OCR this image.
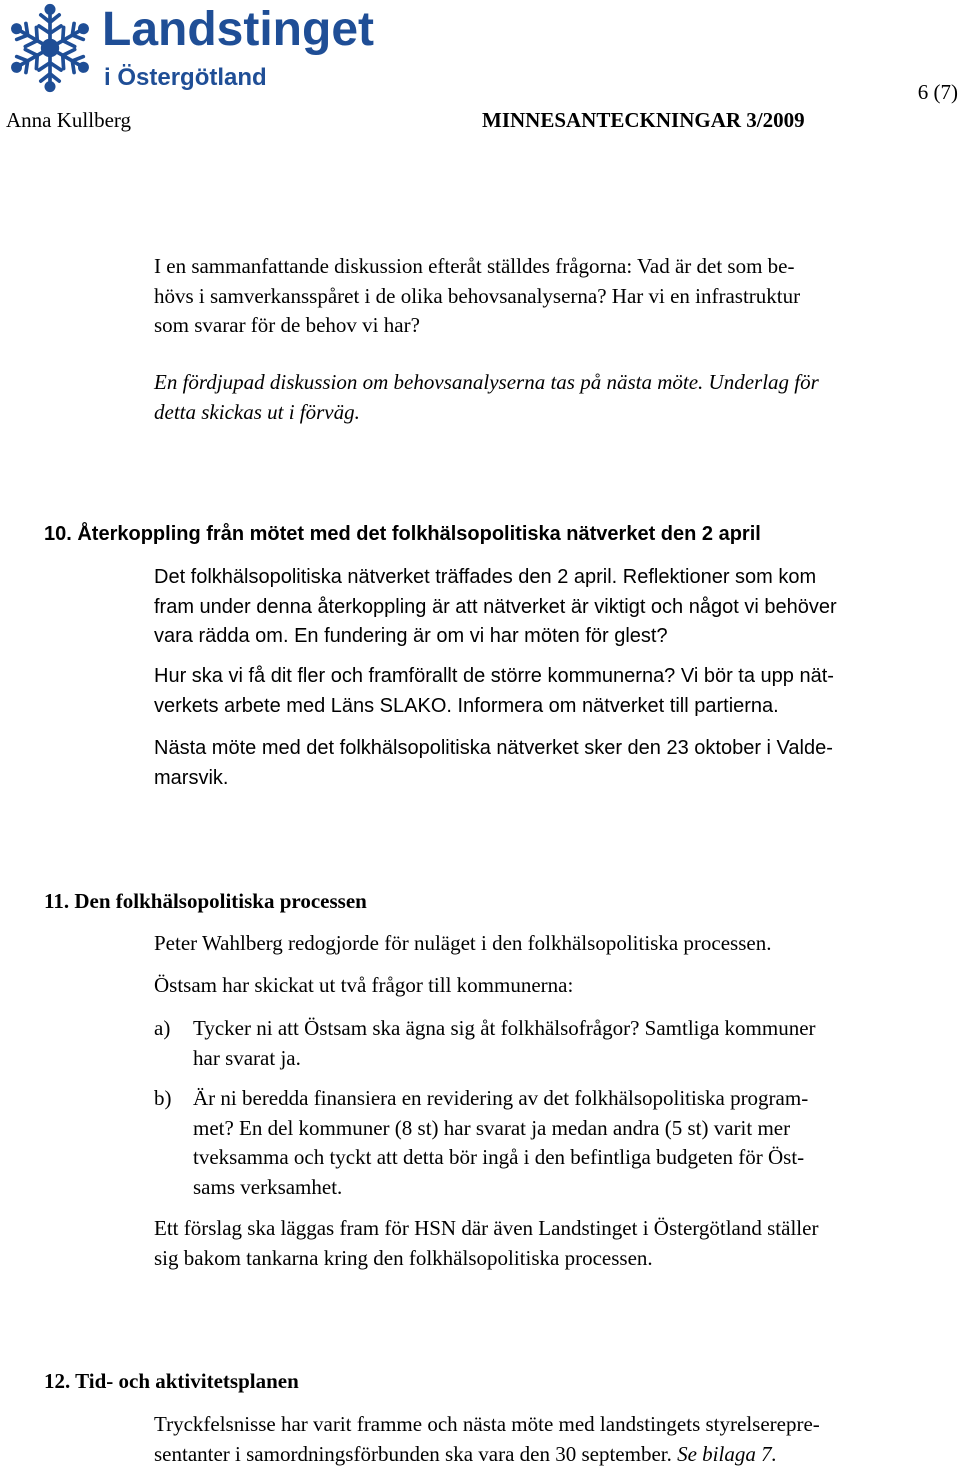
Landstinget
i Östergötland
6 (7)
Anna Kullberg	MINNESANTECKNINGAR 3/2009
I en sammanfattande diskussion efteråt ställdes frågorna: Vad är det som be-
hövs i samverkansspåret i de olika behovsanalyserna? Har vi en infrastruktur
som svarar för de behov vi har?
En fördjupad diskussion om behovsanalyserna tas på nästa möte. Underlag för
detta skickas ut i förväg.
10. Återkoppling från mötet med det folkhälsopolitiska nätverket den 2 april
Det folkhälsopolitiska nätverket träffades den 2 april. Reflektioner som kom
fram under denna återkoppling är att nätverket är viktigt och något vi behöver
vara rädda om. En fundering är om vi har möten för glest?
Hur ska vi få dit fler och framförallt de större kommunerna? Vi bör ta upp nät-
verkets arbete med Läns SLAKO. Informera om nätverket till partierna.
Nästa möte med det folkhälsopolitiska nätverket sker den 23 oktober i Valde-
marsvik.
11. Den folkhälsopolitiska processen
Peter Wahlberg redogjorde för nuläget i den folkhälsopolitiska processen.
Östsam har skickat ut två frågor till kommunerna:
a) Tycker ni att Östsam ska ägna sig åt folkhälsofrågor? Samtliga kommuner
har svarat ja.
b) Är ni beredda finansiera en revidering av det folkhälsopolitiska program-
met? En del kommuner (8 st) har svarat ja medan andra (5 st) varit mer
tveksamma och tyckt att detta bör ingå i den befintliga budgeten för Öst-
sams verksamhet.
Ett förslag ska läggas fram för HSN där även Landstinget i Östergötland ställer
sig bakom tankarna kring den folkhälsopolitiska processen.
12. Tid- och aktivitetsplanen
Tryckfelsnisse har varit framme och nästa möte med landstingets styrelserepre-
sentanter i samordningsförbunden ska vara den 30 september. Se bilaga 7.
